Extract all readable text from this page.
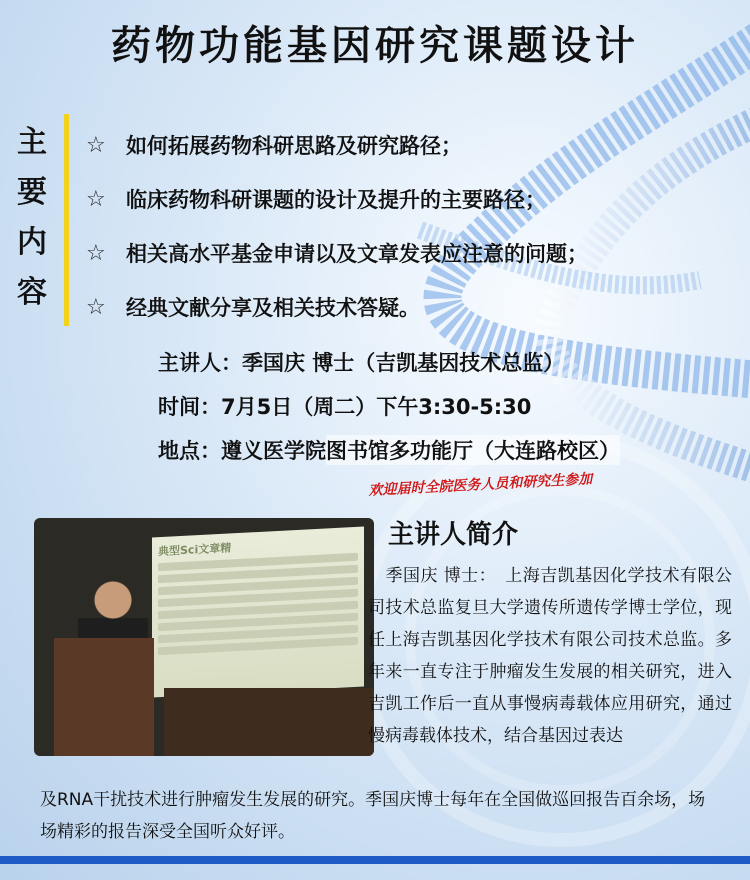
药物功能基因研究课题设计
主
要
内
容
☆ 如何拓展药物科研思路及研究路径；
☆ 临床药物科研课题的设计及提升的主要路径；
☆ 相关高水平基金申请以及文章发表应注意的问题；
☆ 经典文献分享及相关技术答疑。
主讲人：季国庆 博士（吉凯基因技术总监）
时间：7月5日（周二）下午3:30-5:30
地点：遵义医学院 图书馆多功能厅（大连路校区）
欢迎届时全院医务人员和研究生参加
典型Sci文章精	主讲人简介
　季国庆 博士：　上海吉凯基因化学技术有限公司技术总监复旦大学遗传所遗传学博士学位，现任上海吉凯基因化学技术有限公司技术总监。多年来一直专注于肿瘤发生发展的相关研究，进入吉凯工作后一直从事慢病毒载体应用研究，通过慢病毒载体技术，结合基因过表达
及RNA干扰技术进行肿瘤发生发展的研究。季国庆博士每年在全国做巡回报告百余场，场场精彩的报告深受全国听众好评。
